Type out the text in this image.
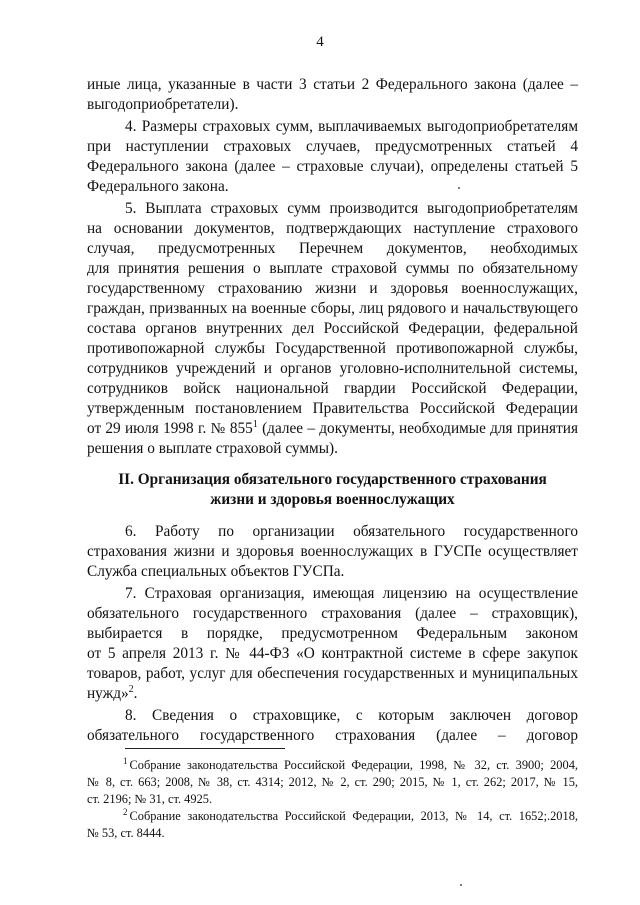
4
иные лица, указанные в части 3 статьи 2 Федерального закона (далее –
выгодоприобретатели).
4. Размеры страховых сумм, выплачиваемых выгодоприобретателям
при наступлении страховых случаев, предусмотренных статьей 4
Федерального закона (далее – страховые случаи), определены статьей 5
Федерального закона.
5. Выплата страховых сумм производится выгодоприобретателям
на основании документов, подтверждающих наступление страхового
случая, предусмотренных Перечнем документов, необходимых
для принятия решения о выплате страховой суммы по обязательному
государственному страхованию жизни и здоровья военнослужащих,
граждан, призванных на военные сборы, лиц рядового и начальствующего
состава органов внутренних дел Российской Федерации, федеральной
противопожарной службы Государственной противопожарной службы,
сотрудников учреждений и органов уголовно-исполнительной системы,
сотрудников войск национальной гвардии Российской Федерации,
утвержденным постановлением Правительства Российской Федерации
от 29 июля 1998 г. № $855^1$ (далее – документы, необходимые для принятия
решения о выплате страховой суммы).
II. Организация обязательного государственного страхования
жизни и здоровья военнослужащих
6. Работу по организации обязательного государственного
страхования жизни и здоровья военнослужащих в ГУСПе осуществляет
Служба специальных объектов ГУСПа.
7. Страховая организация, имеющая лицензию на осуществление
обязательного государственного страхования (далее – страховщик),
выбирается в порядке, предусмотренном Федеральным законом
от 5 апреля 2013 г. № 44-ФЗ «О контрактной системе в сфере закупок
товаров, работ, услуг для обеспечения государственных и муниципальных
нужд»$^2$.
8. Сведения о страховщике, с которым заключен договор
обязательного государственного страхования (далее – договор
$^1$ Собрание законодательства Российской Федерации, 1998, № 32, ст. 3900; 2004,
№ 8, ст. 663; 2008, № 38, ст. 4314; 2012, № 2, ст. 290; 2015, № 1, ст. 262; 2017, № 15,
ст. 2196; № 31, ст. 4925.
$^2$ Собрание законодательства Российской Федерации, 2013, № 14, ст. 1652;.2018,
№ 53, ст. 8444.
